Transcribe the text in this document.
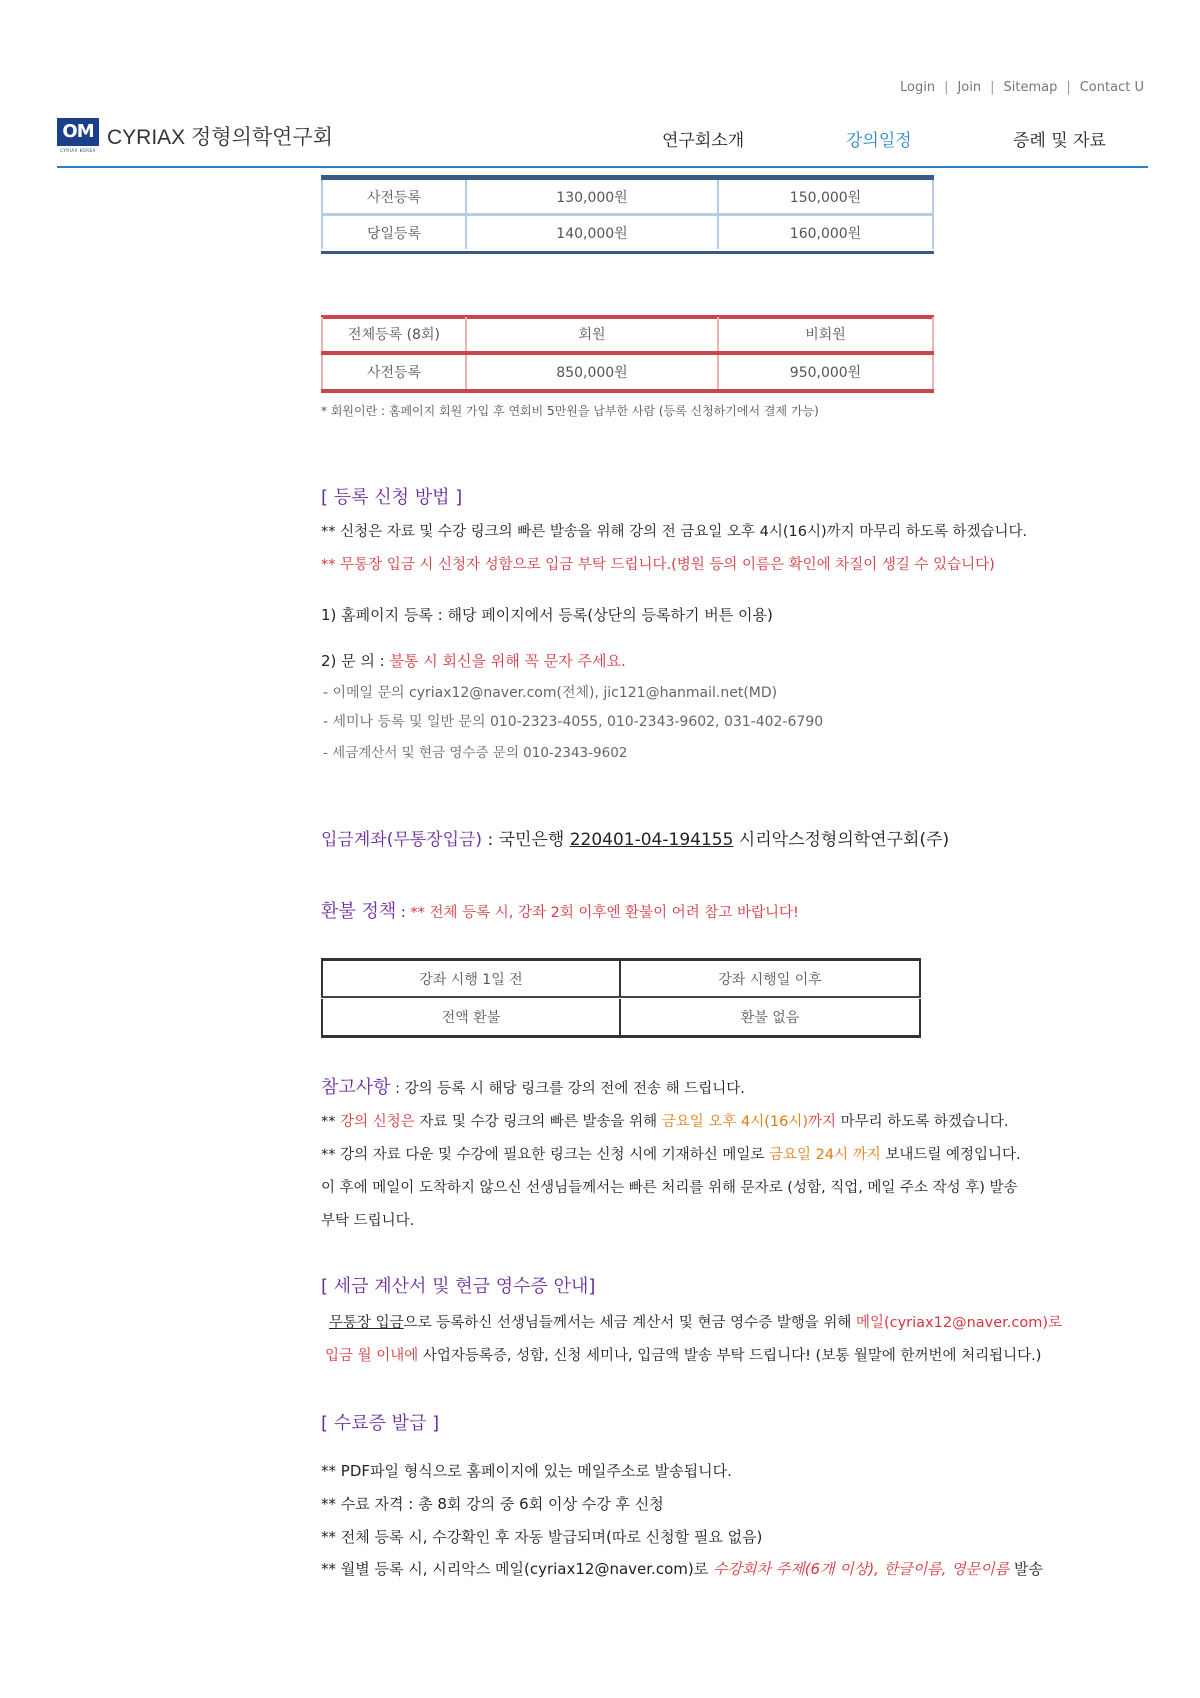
Login | Join | Sitemap | Contact U
OM
CYRIAX KOREA
CYRIAX 정형의학연구회	연구회소개	강의일정	증례 및 자료
사전등록	130,000원	150,000원
당일등록	140,000원	160,000원
전체등록 (8회)	회원	비회원
사전등록	850,000원	950,000원
* 회원이란 : 홈페이지 회원 가입 후 연회비 5만원을 납부한 사람 (등록 신청하기에서 결제 가능)
[ 등록 신청 방법 ]
** 신청은 자료 및 수강 링크의 빠른 발송을 위해 강의 전 금요일 오후 4시(16시)까지 마무리 하도록 하겠습니다.
** 무통장 입금 시 신청자 성함으로 입금 부탁 드립니다.(병원 등의 이름은 확인에 차질이 생길 수 있습니다)
1) 홈페이지 등록 : 해당 페이지에서 등록(상단의 등록하기 버튼 이용)
2) 문 의 : 불통 시 회신을 위해 꼭 문자 주세요.
- 이메일 문의 cyriax12@naver.com(전체), jic121@hanmail.net(MD)
- 세미나 등록 및 일반 문의 010-2323-4055, 010-2343-9602, 031-402-6790
- 세금계산서 및 현금 영수증 문의 010-2343-9602
입금계좌(무통장입금) : 국민은행 220401-04-194155 시리악스정형의학연구회(주)
환불 정책 : ** 전체 등록 시, 강좌 2회 이후엔 환불이 어려 참고 바랍니다!
강좌 시행 1일 전	강좌 시행일 이후
전액 환불	환불 없음
참고사항 : 강의 등록 시 해당 링크를 강의 전에 전송 해 드립니다.
** 강의 신청은 자료 및 수강 링크의 빠른 발송을 위해 금요일 오후 4시(16시)까지 마무리 하도록 하겠습니다.
** 강의 자료 다운 및 수강에 필요한 링크는 신청 시에 기재하신 메일로 금요일 24시 까지 보내드릴 예정입니다.
이 후에 메일이 도착하지 않으신 선생님들께서는 빠른 처리를 위해 문자로 (성함, 직업, 메일 주소 작성 후) 발송
부탁 드립니다.
[ 세금 계산서 및 현금 영수증 안내]
무통장 입금으로 등록하신 선생님들께서는 세금 계산서 및 현금 영수증 발행을 위해 메일(cyriax12@naver.com)로
입금 월 이내에 사업자등록증, 성함, 신청 세미나, 입금액 발송 부탁 드립니다! (보통 월말에 한꺼번에 처리됩니다.)
[ 수료증 발급 ]
** PDF파일 형식으로 홈페이지에 있는 메일주소로 발송됩니다.
** 수료 자격 : 총 8회 강의 중 6회 이상 수강 후 신청
** 전체 등록 시, 수강확인 후 자동 발급되며(따로 신청할 필요 없음)
** 월별 등록 시, 시리악스 메일(cyriax12@naver.com)로 수강회차 주제(6개 이상), 한글이름, 영문이름 발송
